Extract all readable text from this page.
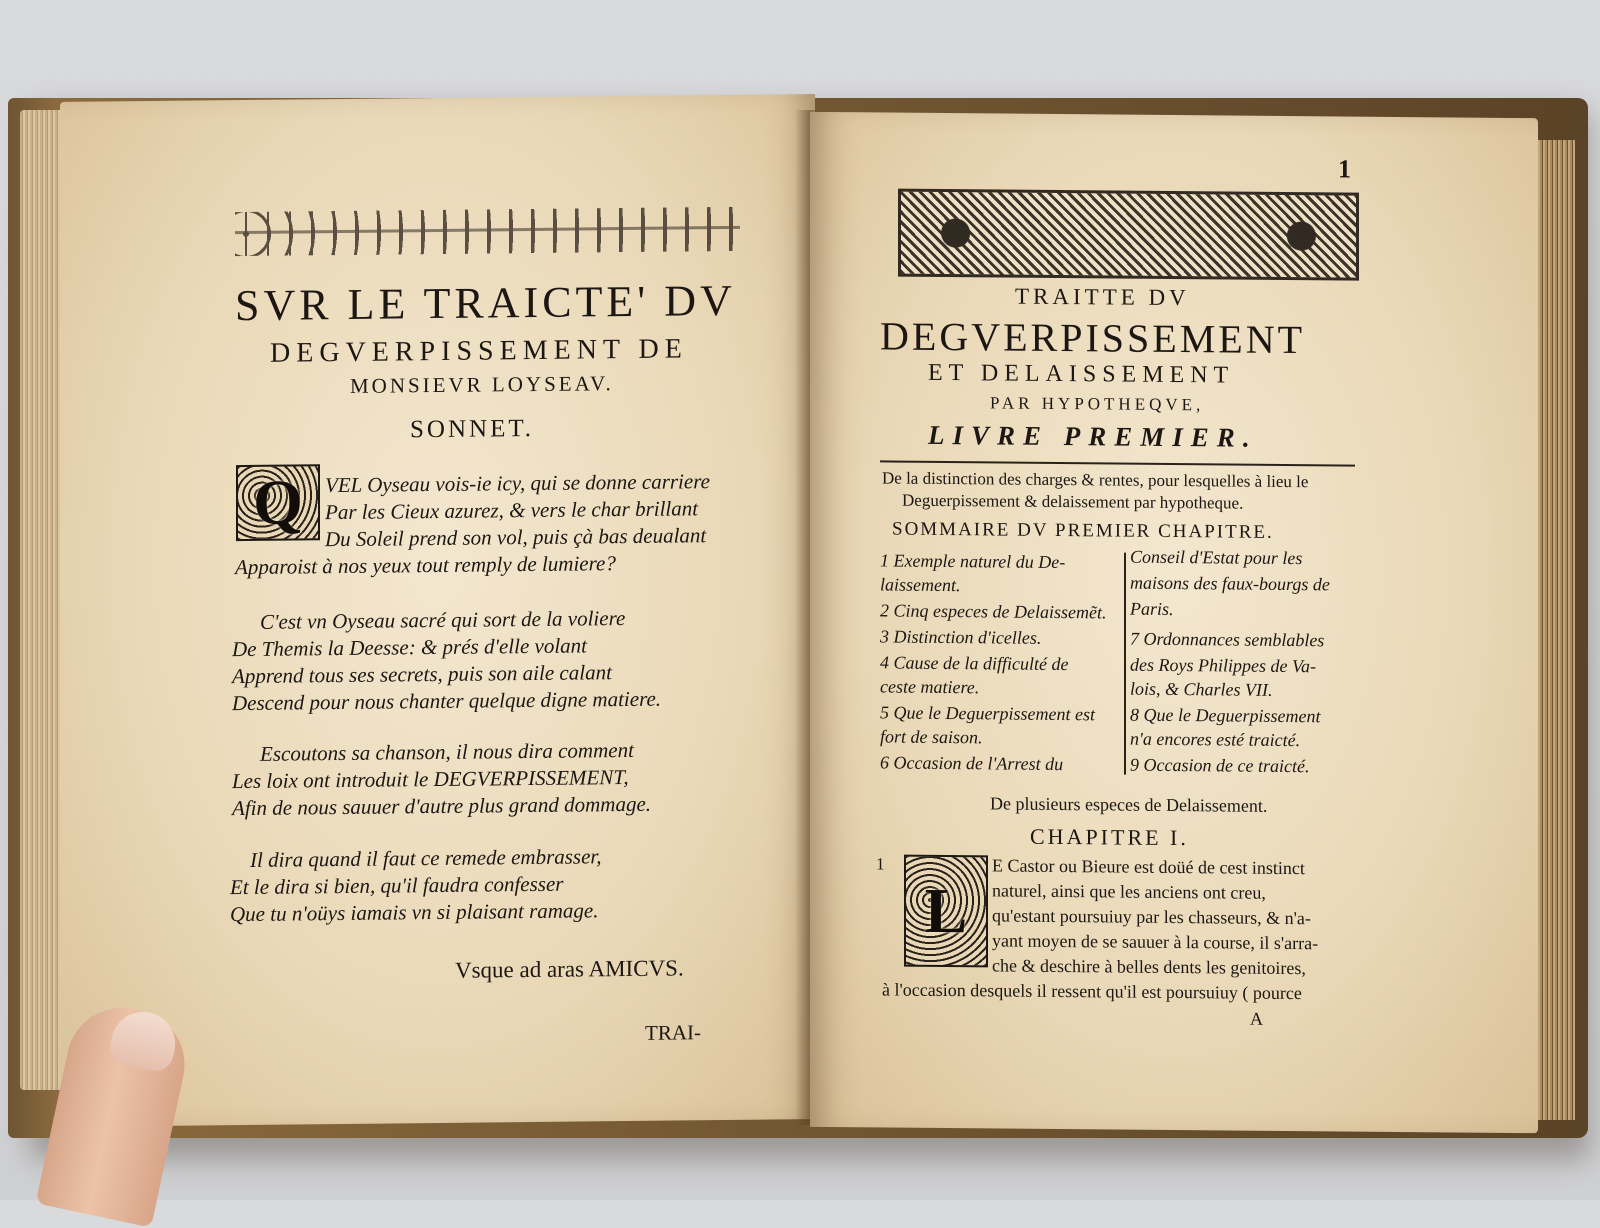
SVR LE TRAICTE' DV
DEGVERPISSEMENT DE
MONSIEVR LOYSEAV.
SONNET.
Q	VEL Oyseau vois-ie icy, qui se donne carriere
Par les Cieux azurez, & vers le char brillant
Du Soleil prend son vol, puis çà bas deualant
Apparoist à nos yeux tout remply de lumiere?
C'est vn Oyseau sacré qui sort de la voliere
De Themis la Deesse: & prés d'elle volant
Apprend tous ses secrets, puis son aile calant
Descend pour nous chanter quelque digne matiere.
Escoutons sa chanson, il nous dira comment
Les loix ont introduit le DEGVERPISSEMENT,
Afin de nous sauuer d'autre plus grand dommage.
Il dira quand il faut ce remede embrasser,
Et le dira si bien, qu'il faudra confesser
Que tu n'oüys iamais vn si plaisant ramage.
Vsque ad aras AMICVS.
TRAI-
1
TRAITTE DV
DEGVERPISSEMENT
ET DELAISSEMENT
PAR HYPOTHEQVE,
LIVRE PREMIER.
De la distinction des charges & rentes, pour lesquelles à lieu le
Deguerpissement & delaissement par hypotheque.
SOMMAIRE DV PREMIER CHAPITRE.
1 Exemple naturel du De-
laissement.
2 Cinq especes de Delaissemẽt.
3 Distinction d'icelles.
4 Cause de la difficulté de
ceste matiere.
5 Que le Deguerpissement est
fort de saison.
6 Occasion de l'Arrest du
Conseil d'Estat pour les
maisons des faux-bourgs de
Paris.
7 Ordonnances semblables
des Roys Philippes de Va-
lois, & Charles VII.
8 Que le Deguerpissement
n'a encores esté traicté.
9 Occasion de ce traicté.
De plusieurs especes de Delaissement.
CHAPITRE I.
1
L
E Castor ou Bieure est doüé de cest instinct
naturel, ainsi que les anciens ont creu,
qu'estant poursuiuy par les chasseurs, & n'a-
yant moyen de se sauuer à la course, il s'arra-
che & deschire à belles dents les genitoires,
à l'occasion desquels il ressent qu'il est poursuiuy ( pource
A
